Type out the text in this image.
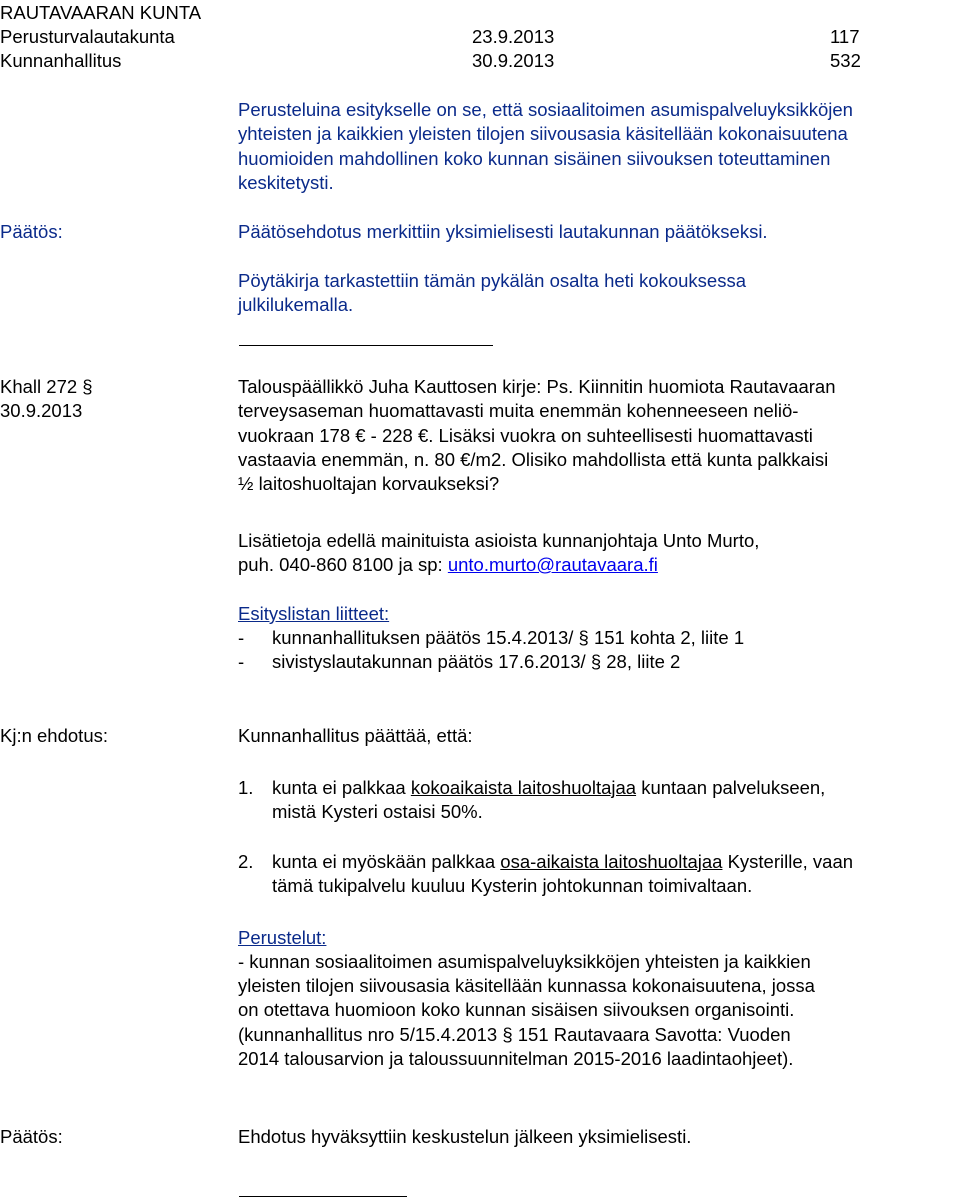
RAUTAVAARAN KUNTA
Perusturvalautakunta	23.9.2013	117
Kunnanhallitus	30.9.2013	532
Perusteluina esitykselle on se, että sosiaalitoimen asumispalveluyksikköjen
yhteisten ja kaikkien yleisten tilojen siivousasia käsitellään kokonaisuutena
huomioiden mahdollinen koko kunnan sisäinen siivouksen toteuttaminen
keskitetysti.
Päätös:	Päätösehdotus merkittiin yksimielisesti lautakunnan päätökseksi.
Pöytäkirja tarkastettiin tämän pykälän osalta heti kokouksessa
julkilukemalla.
Khall 272 §
30.9.2013
Talouspäällikkö Juha Kauttosen kirje: Ps. Kiinnitin huomiota Rautavaaran
terveysaseman huomattavasti muita enemmän kohenneeseen neliö-
vuokraan 178 € - 228 €. Lisäksi vuokra on suhteellisesti huomattavasti
vastaavia enemmän, n. 80 €/m2. Olisiko mahdollista että kunta palkkaisi
½ laitoshuoltajan korvaukseksi?
Lisätietoja edellä mainituista asioista kunnanjohtaja Unto Murto,
puh. 040-860 8100 ja sp: unto.murto@rautavaara.fi
Esityslistan liitteet:
- kunnanhallituksen päätös 15.4.2013/ § 151 kohta 2, liite 1
- sivistyslautakunnan päätös 17.6.2013/ § 28, liite 2
Kj:n ehdotus:	Kunnanhallitus päättää, että:
1. kunta ei palkkaa kokoaikaista laitoshuoltajaa kuntaan palvelukseen,
mistä Kysteri ostaisi 50%.
2. kunta ei myöskään palkkaa osa-aikaista laitoshuoltajaa Kysterille, vaan
tämä tukipalvelu kuuluu Kysterin johtokunnan toimivaltaan.
Perustelut:
- kunnan sosiaalitoimen asumispalveluyksikköjen yhteisten ja kaikkien
yleisten tilojen siivousasia käsitellään kunnassa kokonaisuutena, jossa
on otettava huomioon koko kunnan sisäisen siivouksen organisointi.
(kunnanhallitus nro 5/15.4.2013 § 151 Rautavaara Savotta: Vuoden
2014 talousarvion ja taloussuunnitelman 2015-2016 laadintaohjeet).
Päätös:	Ehdotus hyväksyttiin keskustelun jälkeen yksimielisesti.
